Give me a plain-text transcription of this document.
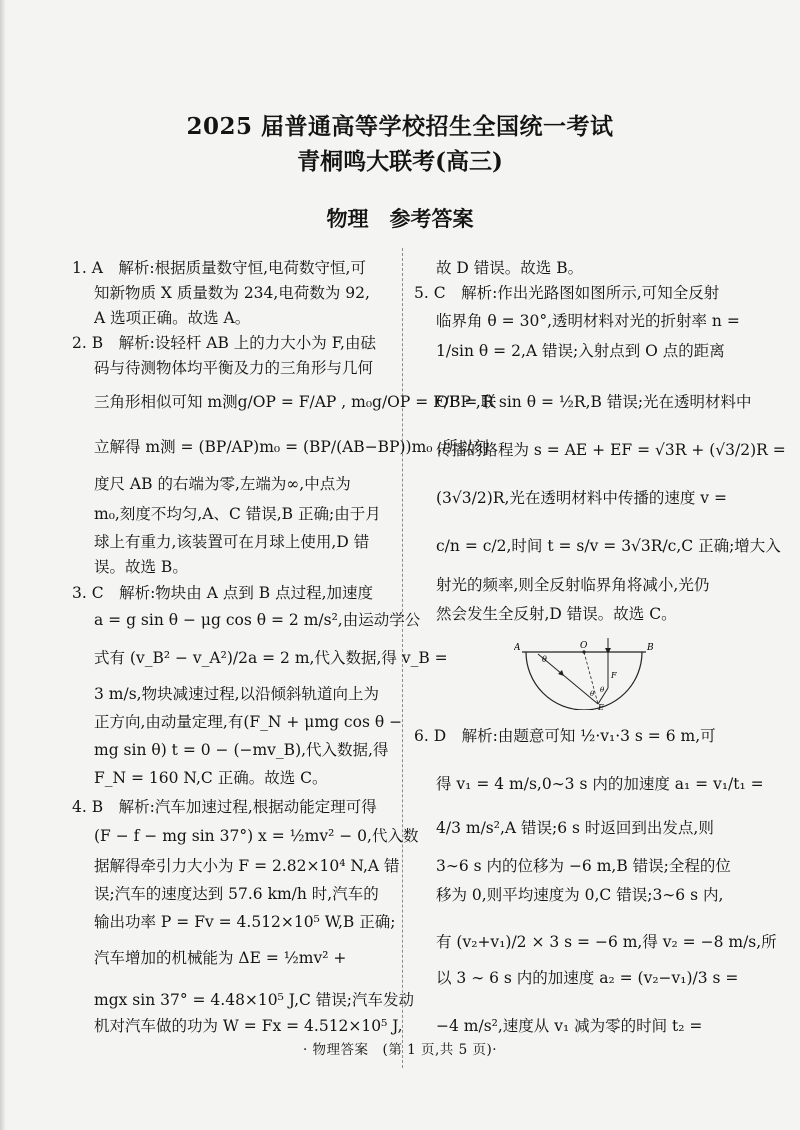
2025 届普通高等学校招生全国统一考试
青桐鸣大联考(高三)
物理　参考答案
1. A　解析:根据质量数守恒,电荷数守恒,可
知新物质 X 质量数为 234,电荷数为 92,
A 选项正确。故选 A。
2. B　解析:设轻杆 AB 上的力大小为 F,由砝
码与待测物体均平衡及力的三角形与几何
三角形相似可知 m测g/OP = F/AP , m₀g/OP = F/BP ,联
立解得 m测 = (BP/AP)m₀ = (BP/(AB−BP))m₀ ,所以刻
度尺 AB 的右端为零,左端为∞,中点为
m₀,刻度不均匀,A、C 错误,B 正确;由于月
球上有重力,该装置可在月球上使用,D 错
误。故选 B。
3. C　解析:物块由 A 点到 B 点过程,加速度
a = g sin θ − μg cos θ = 2 m/s²,由运动学公
式有 (v_B² − v_A²)/2a = 2 m,代入数据,得 v_B =
3 m/s,物块减速过程,以沿倾斜轨道向上为
正方向,由动量定理,有(F_N + μmg cos θ −
mg sin θ) t = 0 − (−mv_B),代入数据,得
F_N = 160 N,C 正确。故选 C。
4. B　解析:汽车加速过程,根据动能定理可得
(F − f − mg sin 37°) x = ½mv² − 0,代入数
据解得牵引力大小为 F = 2.82×10⁴ N,A 错
误;汽车的速度达到 57.6 km/h 时,汽车的
输出功率 P = Fv = 4.512×10⁵ W,B 正确;
汽车增加的机械能为 ΔE = ½mv² +
mgx sin 37° = 4.48×10⁵ J,C 错误;汽车发动
机对汽车做的功为 W = Fx = 4.512×10⁵ J,
故 D 错误。故选 B。
5. C　解析:作出光路图如图所示,可知全反射
临界角 θ = 30°,透明材料对光的折射率 n =
1/sin θ = 2,A 错误;入射点到 O 点的距离
OF = R sin θ = ½R,B 错误;光在透明材料中
传播的路程为 s = AE + EF = √3R + (√3/2)R =
(3√3/2)R,光在透明材料中传播的速度 v =
c/n = c/2,时间 t = s/v = 3√3R/c,C 正确;增大入
射光的频率,则全反射临界角将减小,光仍
然会发生全反射,D 错误。故选 C。
6. D　解析:由题意可知 ½·v₁·3 s = 6 m,可
得 v₁ = 4 m/s,0∼3 s 内的加速度 a₁ = v₁/t₁ =
4/3 m/s²,A 错误;6 s 时返回到出发点,则
3∼6 s 内的位移为 −6 m,B 错误;全程的位
移为 0,则平均速度为 0,C 错误;3∼6 s 内,
有 (v₂+v₁)/2 × 3 s = −6 m,得 v₂ = −8 m/s,所
以 3 ∼ 6 s 内的加速度 a₂ = (v₂−v₁)/3 s =
−4 m/s²,速度从 v₁ 减为零的时间 t₂ =
A	B
O
F
E
θ
θ
θ
· 物理答案　(第 1 页,共 5 页)·
